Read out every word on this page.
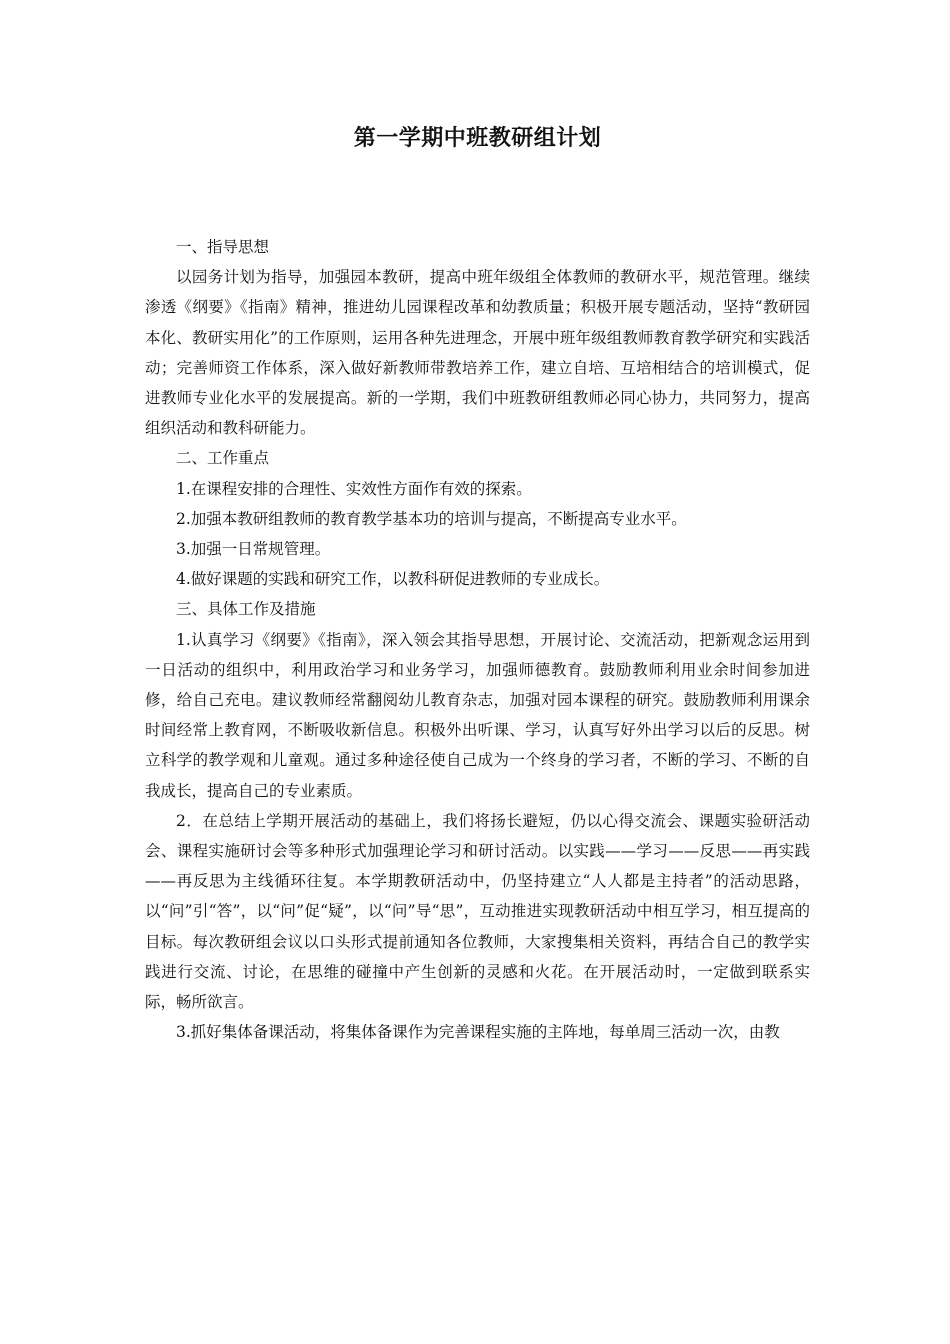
第一学期中班教研组计划

一、指导思想

以园务计划为指导，加强园本教研，提高中班年级组全体教师的教研水平，规范管理。继续渗透《纲要》《指南》精神，推进幼儿园课程改革和幼教质量；积极开展专题活动，坚持“教研园本化、教研实用化”的工作原则，运用各种先进理念，开展中班年级组教师教育教学研究和实践活动；完善师资工作体系，深入做好新教师带教培养工作，建立自培、互培相结合的培训模式，促进教师专业化水平的发展提高。新的一学期，我们中班教研组教师必同心协力，共同努力，提高组织活动和教科研能力。

二、工作重点

1.在课程安排的合理性、实效性方面作有效的探索。

2.加强本教研组教师的教育教学基本功的培训与提高，不断提高专业水平。

3.加强一日常规管理。

4.做好课题的实践和研究工作，以教科研促进教师的专业成长。

三、具体工作及措施

1.认真学习《纲要》《指南》，深入领会其指导思想，开展讨论、交流活动，把新观念运用到一日活动的组织中，利用政治学习和业务学习，加强师德教育。鼓励教师利用业余时间参加进修，给自己充电。建议教师经常翻阅幼儿教育杂志，加强对园本课程的研究。鼓励教师利用课余时间经常上教育网，不断吸收新信息。积极外出听课、学习，认真写好外出学习以后的反思。树立科学的教学观和儿童观。通过多种途径使自己成为一个终身的学习者，不断的学习、不断的自我成长，提高自己的专业素质。

2．在总结上学期开展活动的基础上，我们将扬长避短，仍以心得交流会、课题实验研活动会、课程实施研讨会等多种形式加强理论学习和研讨活动。以实践——学习——反思——再实践——再反思为主线循环往复。本学期教研活动中，仍坚持建立“人人都是主持者”的活动思路，以“问”引“答”，以“问”促“疑”，以“问”导“思”，互动推进实现教研活动中相互学习，相互提高的目标。每次教研组会议以口头形式提前通知各位教师，大家搜集相关资料，再结合自己的教学实践进行交流、讨论，在思维的碰撞中产生创新的灵感和火花。在开展活动时，一定做到联系实际，畅所欲言。

3.抓好集体备课活动，将集体备课作为完善课程实施的主阵地，每单周三活动一次，由教
